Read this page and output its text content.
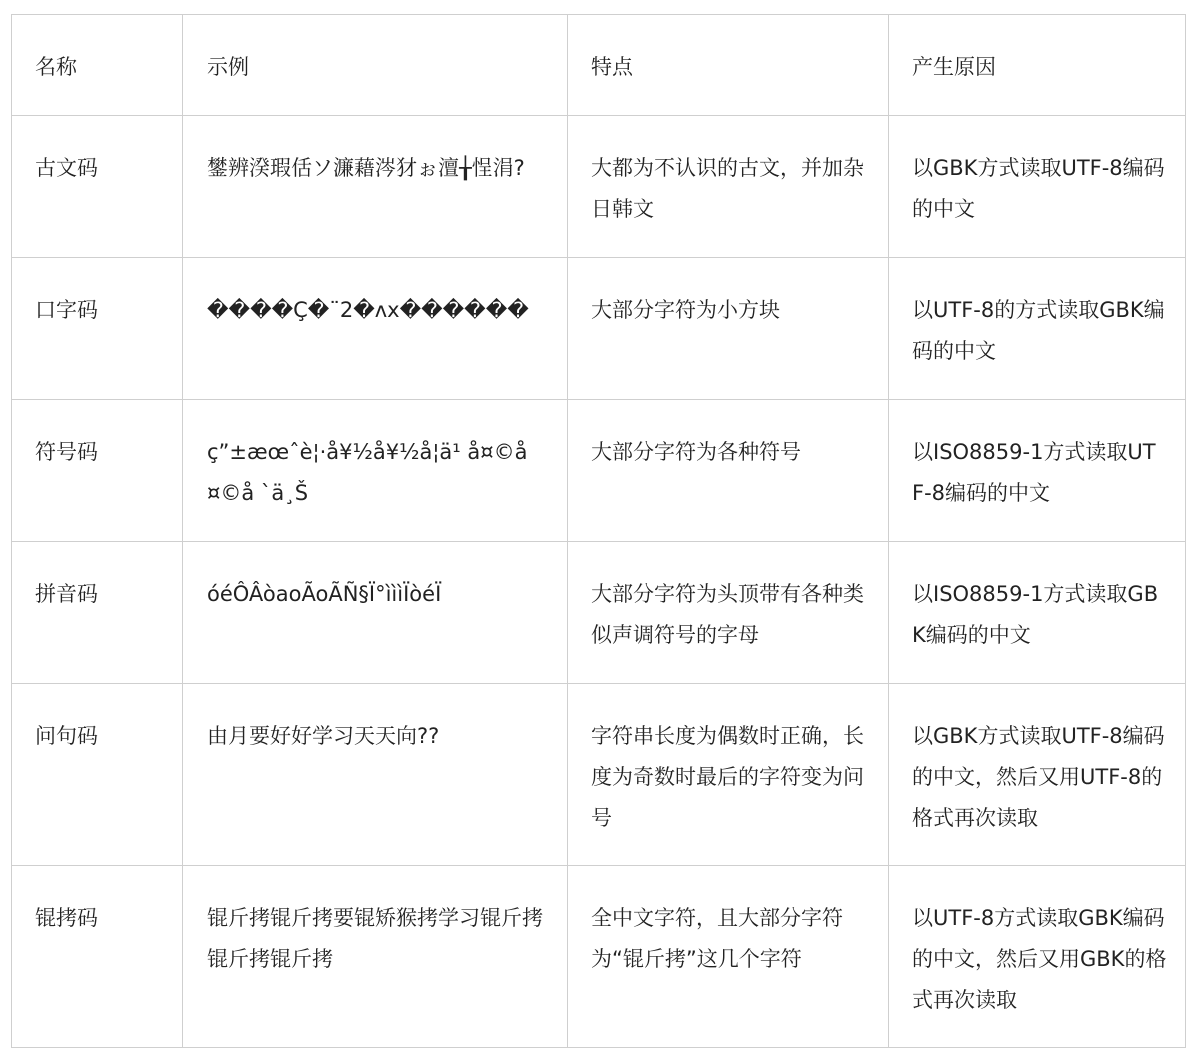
名称	示例	特点	产生原因
古文码	鐢辨湀瑕佸ソ濂藉涔犲ぉ澶╁悜涓?	大都为不认识的古文，并加杂日韩文	以GBK方式读取UTF-8编码的中文
口字码	����Ç�¨2�ʌx������	大部分字符为小方块	以UTF-8的方式读取GBK编码的中文
符号码	ç”±æœˆè¦·å¥½å¥½å¦ä¹ å¤©å¤©å `ä¸Š	大部分字符为各种符号	以ISO8859-1方式读取UTF-8编码的中文
拼音码	óéÔÂòaoÃoÃÑ§Ï°ìììÏòéÏ	大部分字符为头顶带有各种类似声调符号的字母	以ISO8859-1方式读取GBK编码的中文
问句码	由月要好好学习天天向??	字符串长度为偶数时正确，长度为奇数时最后的字符变为问号	以GBK方式读取UTF-8编码的中文，然后又用UTF-8的格式再次读取
锟拷码	锟斤拷锟斤拷要锟矫猴拷学习锟斤拷锟斤拷锟斤拷	全中文字符，且大部分字符为“锟斤拷”这几个字符	以UTF-8方式读取GBK编码的中文，然后又用GBK的格式再次读取
